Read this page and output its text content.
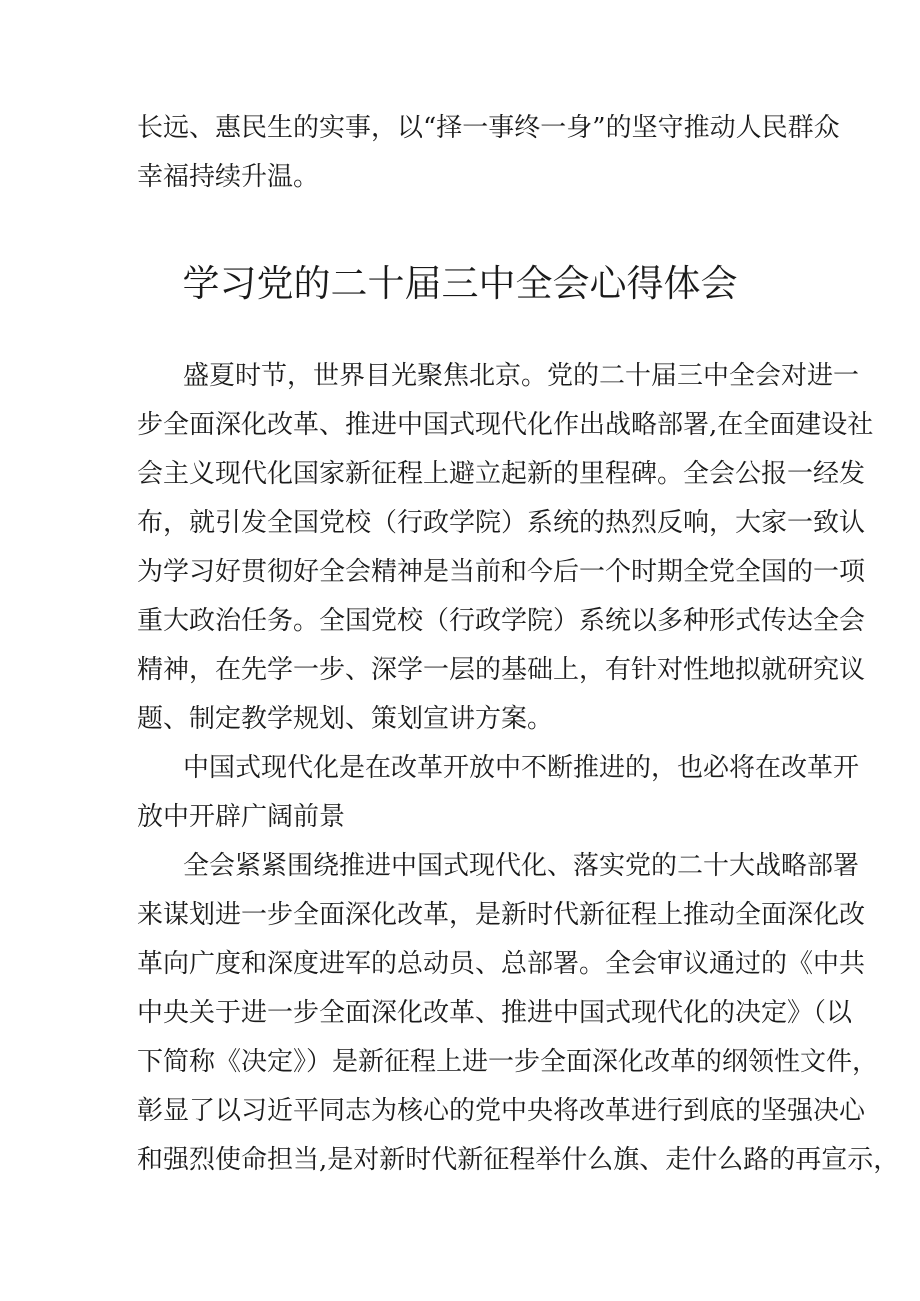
长远、惠民生的实事，以“择一事终一身”的坚守推动人民群众
幸福持续升温。
学习党的二十届三中全会心得体会
盛夏时节，世界目光聚焦北京。党的二十届三中全会对进一
步全面深化改革、推进中国式现代化作出战略部署,在全面建设社
会主义现代化国家新征程上避立起新的里程碑。全会公报一经发
布，就引发全国党校（行政学院）系统的热烈反响，大家一致认
为学习好贯彻好全会精神是当前和今后一个时期全党全国的一项
重大政治任务。全国党校（行政学院）系统以多种形式传达全会
精神，在先学一步、深学一层的基础上，有针对性地拟就研究议
题、制定教学规划、策划宣讲方案。
中国式现代化是在改革开放中不断推进的，也必将在改革开
放中开辟广阔前景
全会紧紧围绕推进中国式现代化、落实党的二十大战略部署
来谋划进一步全面深化改革，是新时代新征程上推动全面深化改
革向广度和深度进军的总动员、总部署。全会审议通过的《中共
中央关于进一步全面深化改革、推进中国式现代化的决定》（以
下简称《决定》）是新征程上进一步全面深化改革的纲领性文件，
彰显了以习近平同志为核心的党中央将改革进行到底的坚强决心
和强烈使命担当,是对新时代新征程举什么旗、走什么路的再宣示，
